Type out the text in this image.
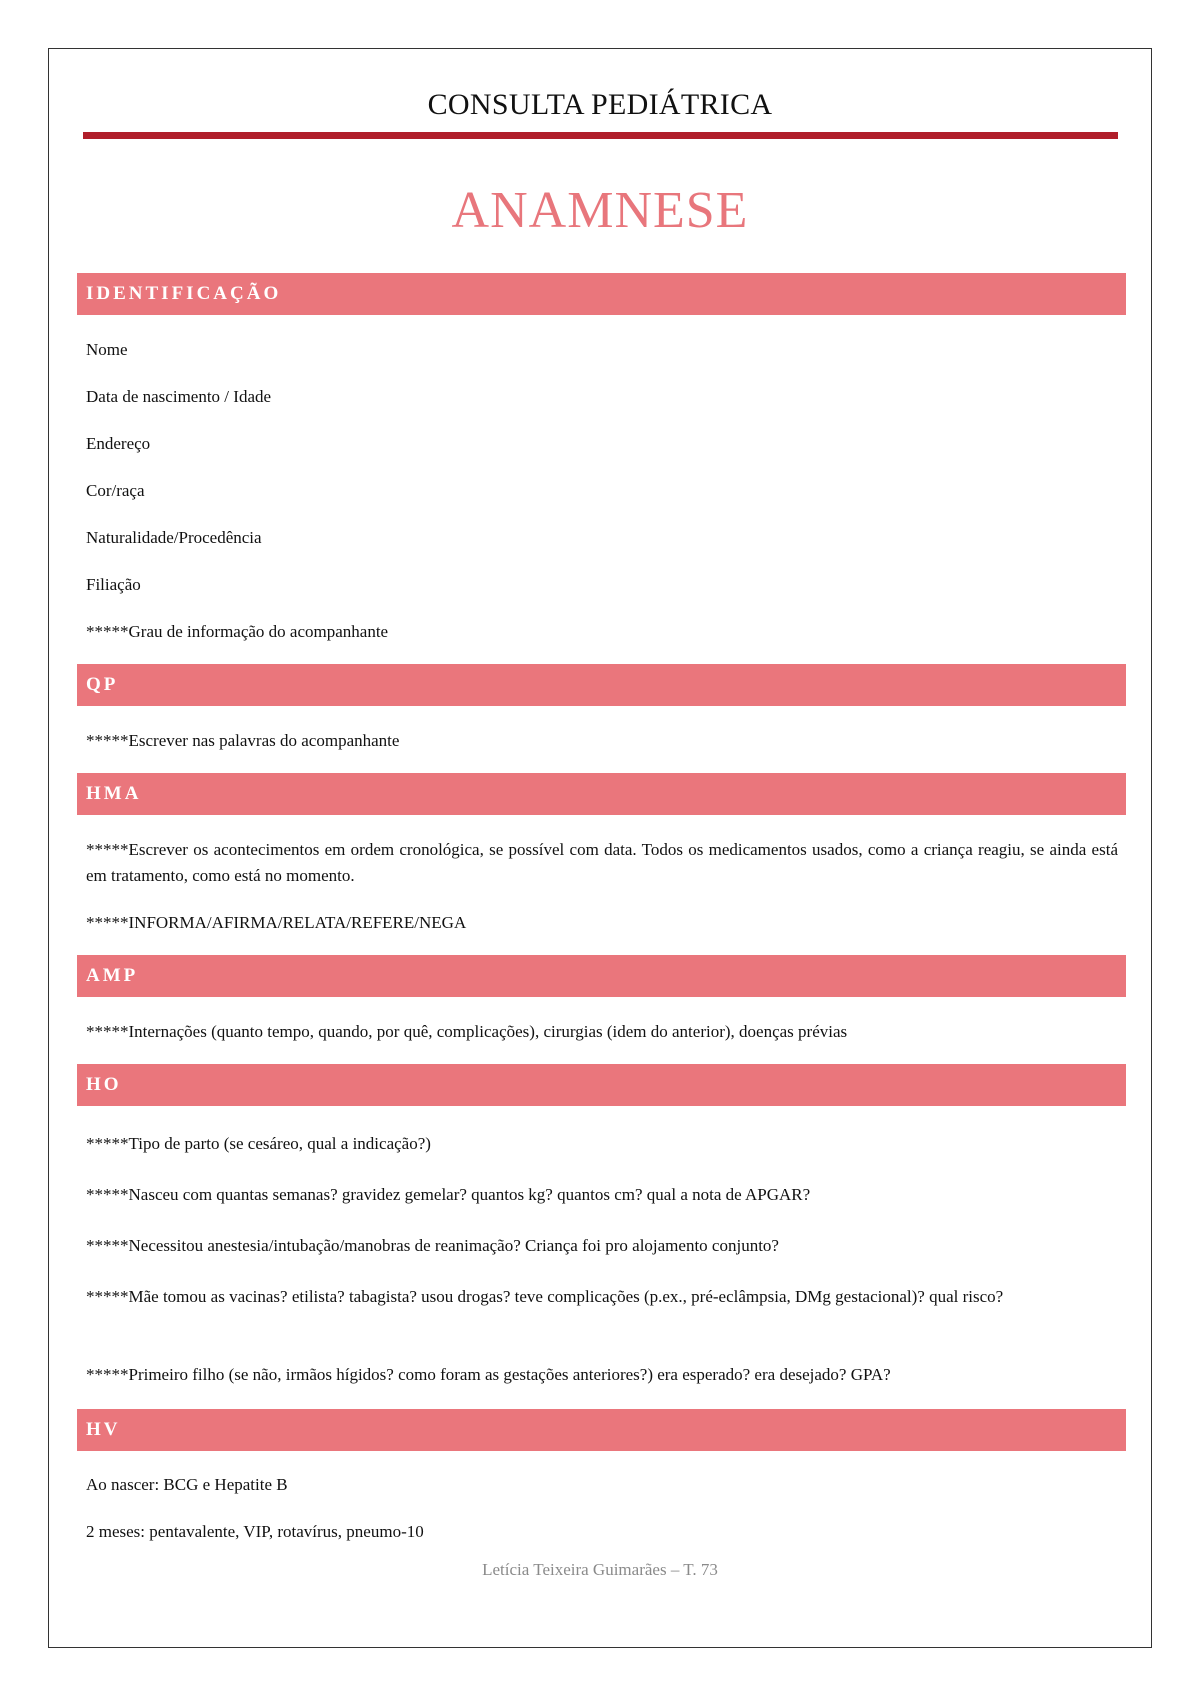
CONSULTA PEDIÁTRICA
ANAMNESE
IDENTIFICAÇÃO
Nome
Data de nascimento / Idade
Endereço
Cor/raça
Naturalidade/Procedência
Filiação
*****Grau de informação do acompanhante
QP
*****Escrever nas palavras do acompanhante
HMA
*****Escrever os acontecimentos em ordem cronológica, se possível com data. Todos os medicamentos usados, como a criança reagiu, se ainda está em tratamento, como está no momento.
*****INFORMA/AFIRMA/RELATA/REFERE/NEGA
AMP
*****Internações (quanto tempo, quando, por quê, complicações), cirurgias (idem do anterior), doenças prévias
HO
*****Tipo de parto (se cesáreo, qual a indicação?)
*****Nasceu com quantas semanas? gravidez gemelar? quantos kg? quantos cm? qual a nota de APGAR?
*****Necessitou anestesia/intubação/manobras de reanimação? Criança foi pro alojamento conjunto?
*****Mãe tomou as vacinas? etilista? tabagista? usou drogas? teve complicações (p.ex., pré-eclâmpsia, DMg gestacional)? qual risco?
*****Primeiro filho (se não, irmãos hígidos? como foram as gestações anteriores?) era esperado? era desejado? GPA?
HV
Ao nascer: BCG e Hepatite B
2 meses: pentavalente, VIP, rotavírus, pneumo-10
Letícia Teixeira Guimarães – T. 73
